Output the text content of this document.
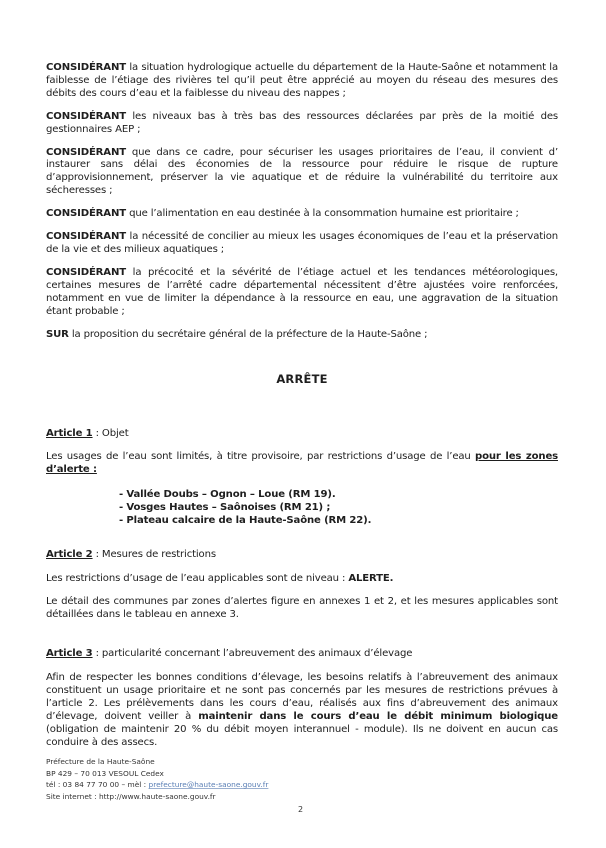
CONSIDÉRANT la situation hydrologique actuelle du département de la Haute-Saône et notamment la faiblesse de l’étiage des rivières tel qu’il peut être apprécié au moyen du réseau des mesures des débits des cours d’eau et la faiblesse du niveau des nappes ;

CONSIDÉRANT les niveaux bas à très bas des ressources déclarées par près de la moitié des gestionnaires AEP ;

CONSIDÉRANT que dans ce cadre, pour sécuriser les usages prioritaires de l’eau, il convient d’ instaurer sans délai des économies de la ressource pour réduire le risque de rupture d’approvisionnement, préserver la vie aquatique et de réduire la vulnérabilité du territoire aux sécheresses ;

CONSIDÉRANT que l’alimentation en eau destinée à la consommation humaine est prioritaire ;

CONSIDÉRANT la nécessité de concilier au mieux les usages économiques de l’eau et la préservation de la vie et des milieux aquatiques ;

CONSIDÉRANT la précocité et la sévérité de l’étiage actuel et les tendances météorologiques, certaines mesures de l’arrêté cadre départemental nécessitent d’être ajustées voire renforcées, notamment en vue de limiter la dépendance à la ressource en eau, une aggravation de la situation étant probable ;

SUR la proposition du secrétaire général de la préfecture de la Haute-Saône ;

ARRÊTE

Article 1 : Objet

Les usages de l’eau sont limités, à titre provisoire, par restrictions d’usage de l’eau pour les zones d’alerte :

- Vallée Doubs – Ognon – Loue (RM 19).
- Vosges Hautes – Saônoises (RM 21) ;
- Plateau calcaire de la Haute-Saône (RM 22).

Article 2 : Mesures de restrictions

Les restrictions d’usage de l’eau applicables sont de niveau : ALERTE.

Le détail des communes par zones d’alertes figure en annexes 1 et 2, et les mesures applicables sont détaillées dans le tableau en annexe 3.

Article 3 : particularité concernant l’abreuvement des animaux d’élevage

Afin de respecter les bonnes conditions d’élevage, les besoins relatifs à l’abreuvement des animaux constituent un usage prioritaire et ne sont pas concernés par les mesures de restrictions prévues à l’article 2. Les prélèvements dans les cours d’eau, réalisés aux fins d’abreuvement des animaux d’élevage, doivent veiller à maintenir dans le cours d’eau le débit minimum biologique (obligation de maintenir 20 % du débit moyen interannuel - module). Ils ne doivent en aucun cas conduire à des assecs.

Préfecture de la Haute-Saône
BP 429 – 70 013 VESOUL Cedex
tél : 03 84 77 70 00 – mèl : prefecture@haute-saone.gouv.fr
Site internet : http://www.haute-saone.gouv.fr
2
